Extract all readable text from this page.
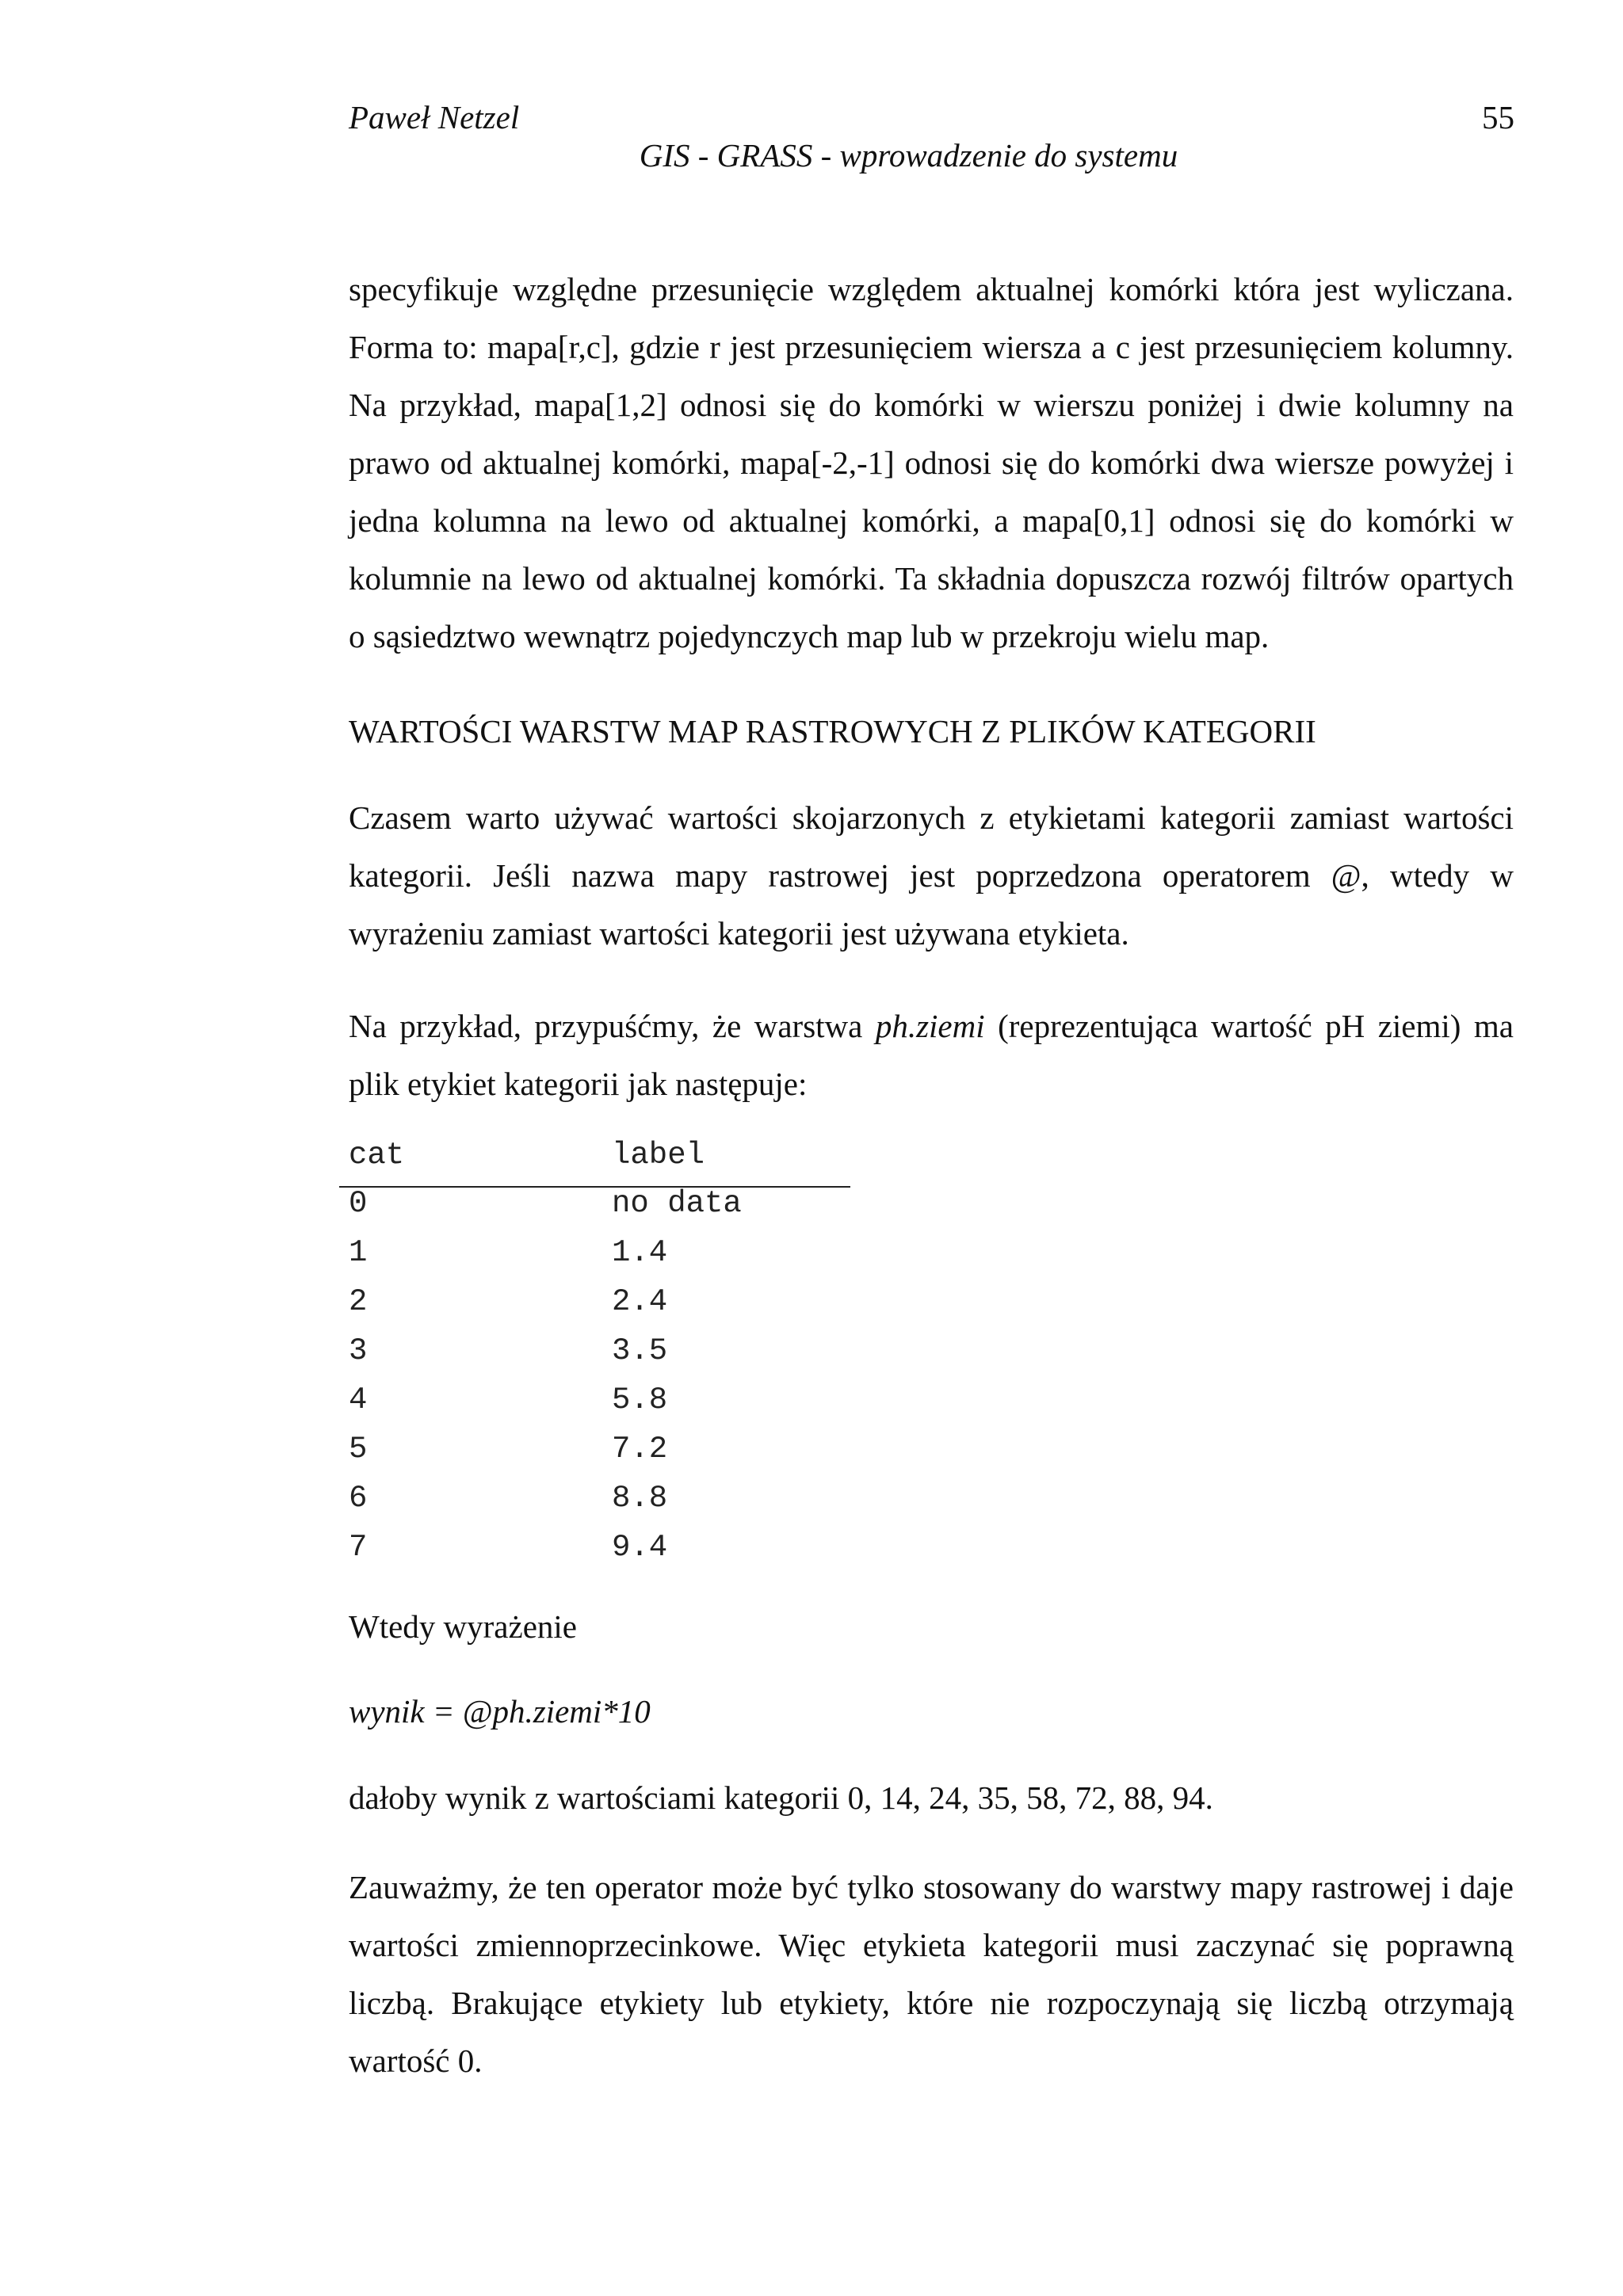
Paweł Netzel	55
GIS - GRASS - wprowadzenie do systemu
specyfikuje względne przesunięcie względem aktualnej komórki która jest wyliczana. Forma to: mapa[r,c], gdzie r jest przesunięciem wiersza a c jest przesunięciem kolumny. Na przykład, mapa[1,2] odnosi się do komórki w wierszu poniżej i dwie kolumny na prawo od aktualnej komórki, mapa[-2,-1] odnosi się do komórki dwa wiersze powyżej i jedna kolumna na lewo od aktualnej komórki, a mapa[0,1] odnosi się do komórki w kolumnie na lewo od aktualnej komórki. Ta składnia dopuszcza rozwój filtrów opartych o sąsiedztwo wewnątrz pojedynczych map lub w przekroju wielu map.
WARTOŚCI WARSTW MAP RASTROWYCH Z PLIKÓW KATEGORII
Czasem warto używać wartości skojarzonych z etykietami kategorii zamiast wartości kategorii. Jeśli nazwa mapy rastrowej jest poprzedzona operatorem @, wtedy w wyrażeniu zamiast wartości kategorii jest używana etykieta.
Na przykład, przypuśćmy, że warstwa ph.ziemi (reprezentująca wartość pH ziemi) ma plik etykiet kategorii jak następuje:
cat	label
0	no data
1	1.4
2	2.4
3	3.5
4	5.8
5	7.2
6	8.8
7	9.4
Wtedy wyrażenie
wynik = @ph.ziemi*10
dałoby wynik z wartościami kategorii 0, 14, 24, 35, 58, 72, 88, 94.
Zauważmy, że ten operator może być tylko stosowany do warstwy mapy rastrowej i daje wartości zmiennoprzecinkowe. Więc etykieta kategorii musi zaczynać się poprawną liczbą. Brakujące etykiety lub etykiety, które nie rozpoczynają się liczbą otrzymają wartość 0.
